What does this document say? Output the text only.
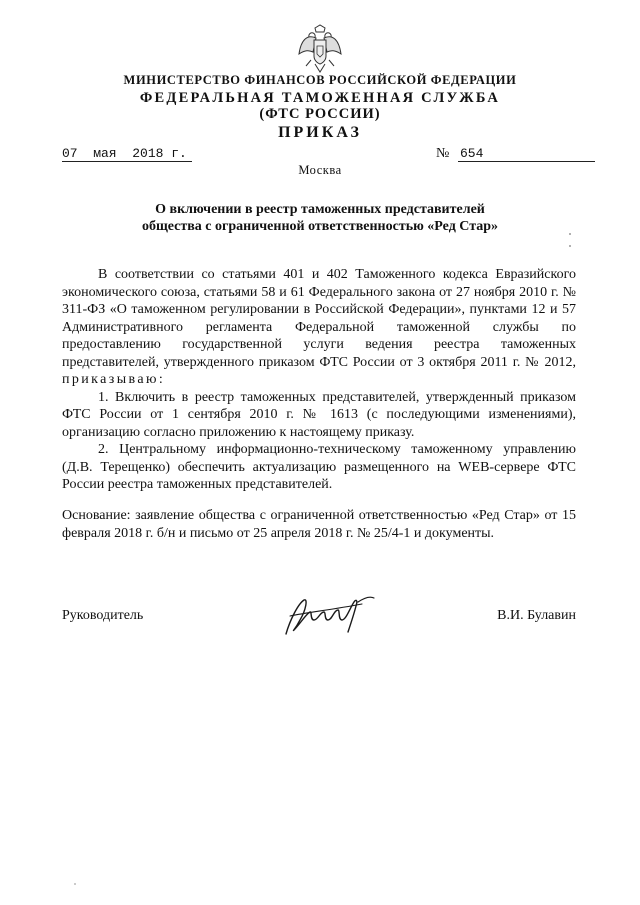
МИНИСТЕРСТВО ФИНАНСОВ РОССИЙСКОЙ ФЕДЕРАЦИИ
ФЕДЕРАЛЬНАЯ ТАМОЖЕННАЯ СЛУЖБА
(ФТС РОССИИ)
ПРИКАЗ
07  мая  2018 г.	№ 654
Москва
О включении в реестр таможенных представителей
общества с ограниченной ответственностью «Ред Стар»

В соответствии со статьями 401 и 402 Таможенного кодекса Евразийского экономического союза, статьями 58 и 61 Федерального закона от 27 ноября 2010 г. № 311-ФЗ «О таможенном регулировании в Российской Федерации», пунктами 12 и 57 Административного регламента Федеральной таможенной службы по предоставлению государственной услуги ведения реестра таможенных представителей, утвержденного приказом ФТС России от 3 октября 2011 г. № 2012, приказываю:

1. Включить в реестр таможенных представителей, утвержденный приказом ФТС России от 1 сентября 2010 г. № 1613 (с последующими изменениями), организацию согласно приложению к настоящему приказу.

2. Центральному информационно-техническому таможенному управлению (Д.В. Терещенко) обеспечить актуализацию размещенного на WEB-сервере ФТС России реестра таможенных представителей.

Основание: заявление общества с ограниченной ответственностью «Ред Стар» от 15 февраля 2018 г. б/н и письмо от 25 апреля 2018 г. № 25/4-1 и документы.

Руководитель	В.И. Булавин
